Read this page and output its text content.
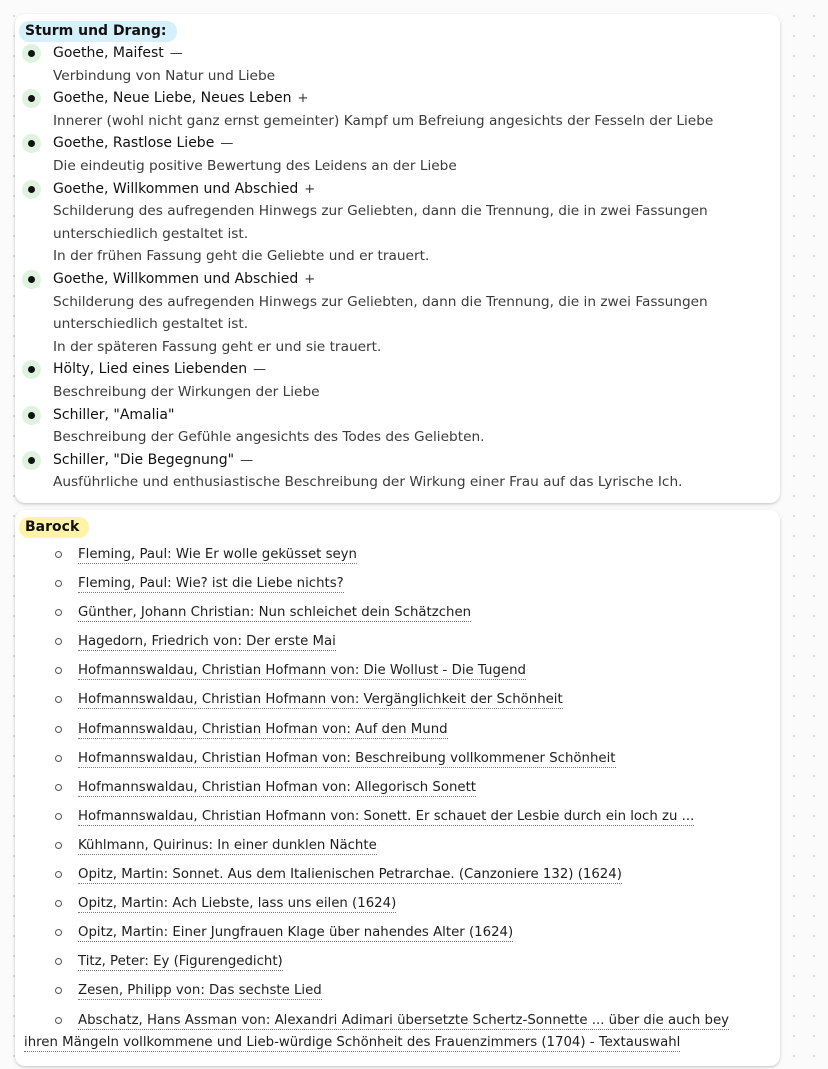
Sturm und Drang:
Goethe, Maifest —
Verbindung von Natur und Liebe
Goethe, Neue Liebe, Neues Leben +
Innerer (wohl nicht ganz ernst gemeinter) Kampf um Befreiung angesichts der Fesseln der Liebe
Goethe, Rastlose Liebe —
Die eindeutig positive Bewertung des Leidens an der Liebe
Goethe, Willkommen und Abschied +
Schilderung des aufregenden Hinwegs zur Geliebten, dann die Trennung, die in zwei Fassungen
unterschiedlich gestaltet ist.
In der frühen Fassung geht die Geliebte und er trauert.
Goethe, Willkommen und Abschied +
Schilderung des aufregenden Hinwegs zur Geliebten, dann die Trennung, die in zwei Fassungen
unterschiedlich gestaltet ist.
In der späteren Fassung geht er und sie trauert.
Hölty, Lied eines Liebenden —
Beschreibung der Wirkungen der Liebe
Schiller, "Amalia"
Beschreibung der Gefühle angesichts des Todes des Geliebten.
Schiller, "Die Begegnung" —
Ausführliche und enthusiastische Beschreibung der Wirkung einer Frau auf das Lyrische Ich.
Barock
Fleming, Paul: Wie Er wolle geküsset seyn
Fleming, Paul: Wie? ist die Liebe nichts?
Günther, Johann Christian: Nun schleichet dein Schätzchen
Hagedorn, Friedrich von: Der erste Mai
Hofmannswaldau, Christian Hofmann von: Die Wollust - Die Tugend
Hofmannswaldau, Christian Hofmann von: Vergänglichkeit der Schönheit
Hofmannswaldau, Christian Hofman von: Auf den Mund
Hofmannswaldau, Christian Hofman von: Beschreibung vollkommener Schönheit
Hofmannswaldau, Christian Hofman von: Allegorisch Sonett
Hofmannswaldau, Christian Hofmann von: Sonett. Er schauet der Lesbie durch ein loch zu ...
Kühlmann, Quirinus: In einer dunklen Nächte
Opitz, Martin: Sonnet. Aus dem Italienischen Petrarchae. (Canzoniere 132) (1624)
Opitz, Martin: Ach Liebste, lass uns eilen (1624)
Opitz, Martin: Einer Jungfrauen Klage über nahendes Alter (1624)
Titz, Peter: Ey (Figurengedicht)
Zesen, Philipp von: Das sechste Lied
Abschatz, Hans Assman von: Alexandri Adimari übersetzte Schertz-Sonnette ... über die auch bey
ihren Mängeln vollkommene und Lieb-würdige Schönheit des Frauenzimmers (1704) - Textauswahl
